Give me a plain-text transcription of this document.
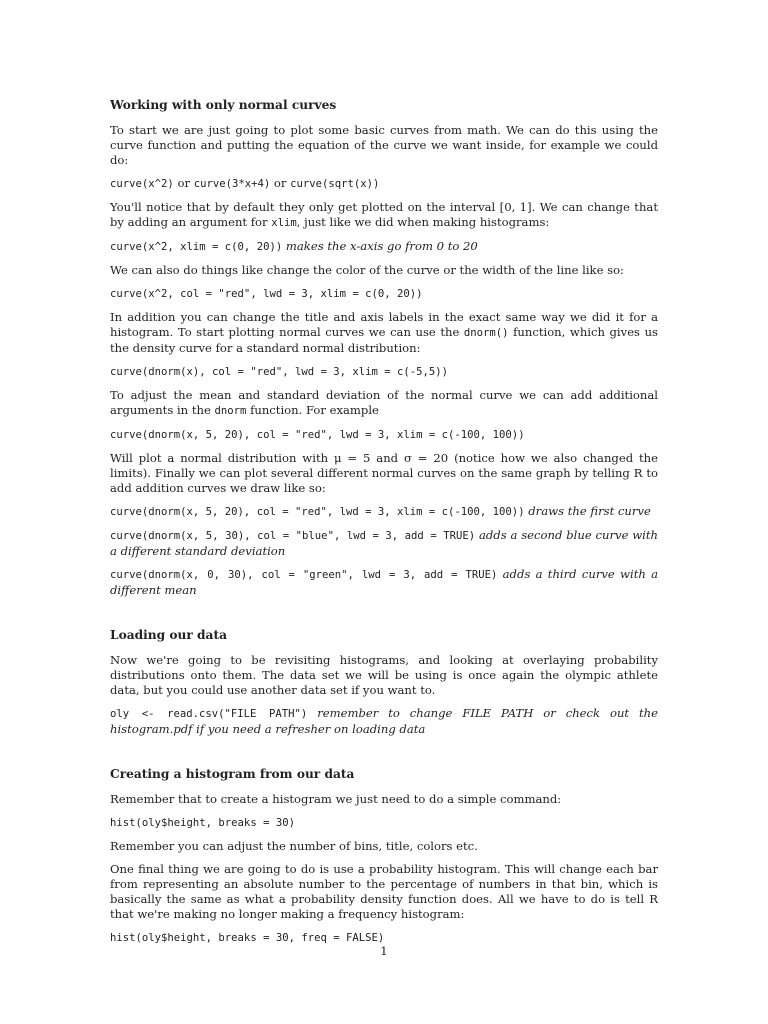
Working with only normal curves

To start we are just going to plot some basic curves from math. We can do this using the curve function and putting the equation of the curve we want inside, for example we could do:

curve(x^2) or curve(3*x+4) or curve(sqrt(x))

You'll notice that by default they only get plotted on the interval [0, 1]. We can change that by adding an argument for xlim, just like we did when making histograms:

curve(x^2, xlim = c(0, 20)) makes the x-axis go from 0 to 20

We can also do things like change the color of the curve or the width of the line like so:

curve(x^2, col = "red", lwd = 3, xlim = c(0, 20))

In addition you can change the title and axis labels in the exact same way we did it for a histogram. To start plotting normal curves we can use the dnorm() function, which gives us the density curve for a standard normal distribution:

curve(dnorm(x), col = "red", lwd = 3, xlim = c(-5,5))

To adjust the mean and standard deviation of the normal curve we can add additional arguments in the dnorm function. For example

curve(dnorm(x, 5, 20), col = "red", lwd = 3, xlim = c(-100, 100))

Will plot a normal distribution with μ = 5 and σ = 20 (notice how we also changed the limits). Finally we can plot several different normal curves on the same graph by telling R to add addition curves we draw like so:

curve(dnorm(x, 5, 20), col = "red", lwd = 3, xlim = c(-100, 100)) draws the first curve

curve(dnorm(x, 5, 30), col = "blue", lwd = 3, add = TRUE) adds a second blue curve with a different standard deviation

curve(dnorm(x, 0, 30), col = "green", lwd = 3, add = TRUE) adds a third curve with a different mean

Loading our data

Now we're going to be revisiting histograms, and looking at overlaying probability distributions onto them. The data set we will be using is once again the olympic athlete data, but you could use another data set if you want to.

oly <- read.csv("FILE PATH") remember to change FILE PATH or check out the histogram.pdf if you need a refresher on loading data

Creating a histogram from our data

Remember that to create a histogram we just need to do a simple command:

hist(oly$height, breaks = 30)

Remember you can adjust the number of bins, title, colors etc.

One final thing we are going to do is use a probability histogram. This will change each bar from representing an absolute number to the percentage of numbers in that bin, which is basically the same as what a probability density function does. All we have to do is tell R that we're making no longer making a frequency histogram:

hist(oly$height, breaks = 30, freq = FALSE)

1
